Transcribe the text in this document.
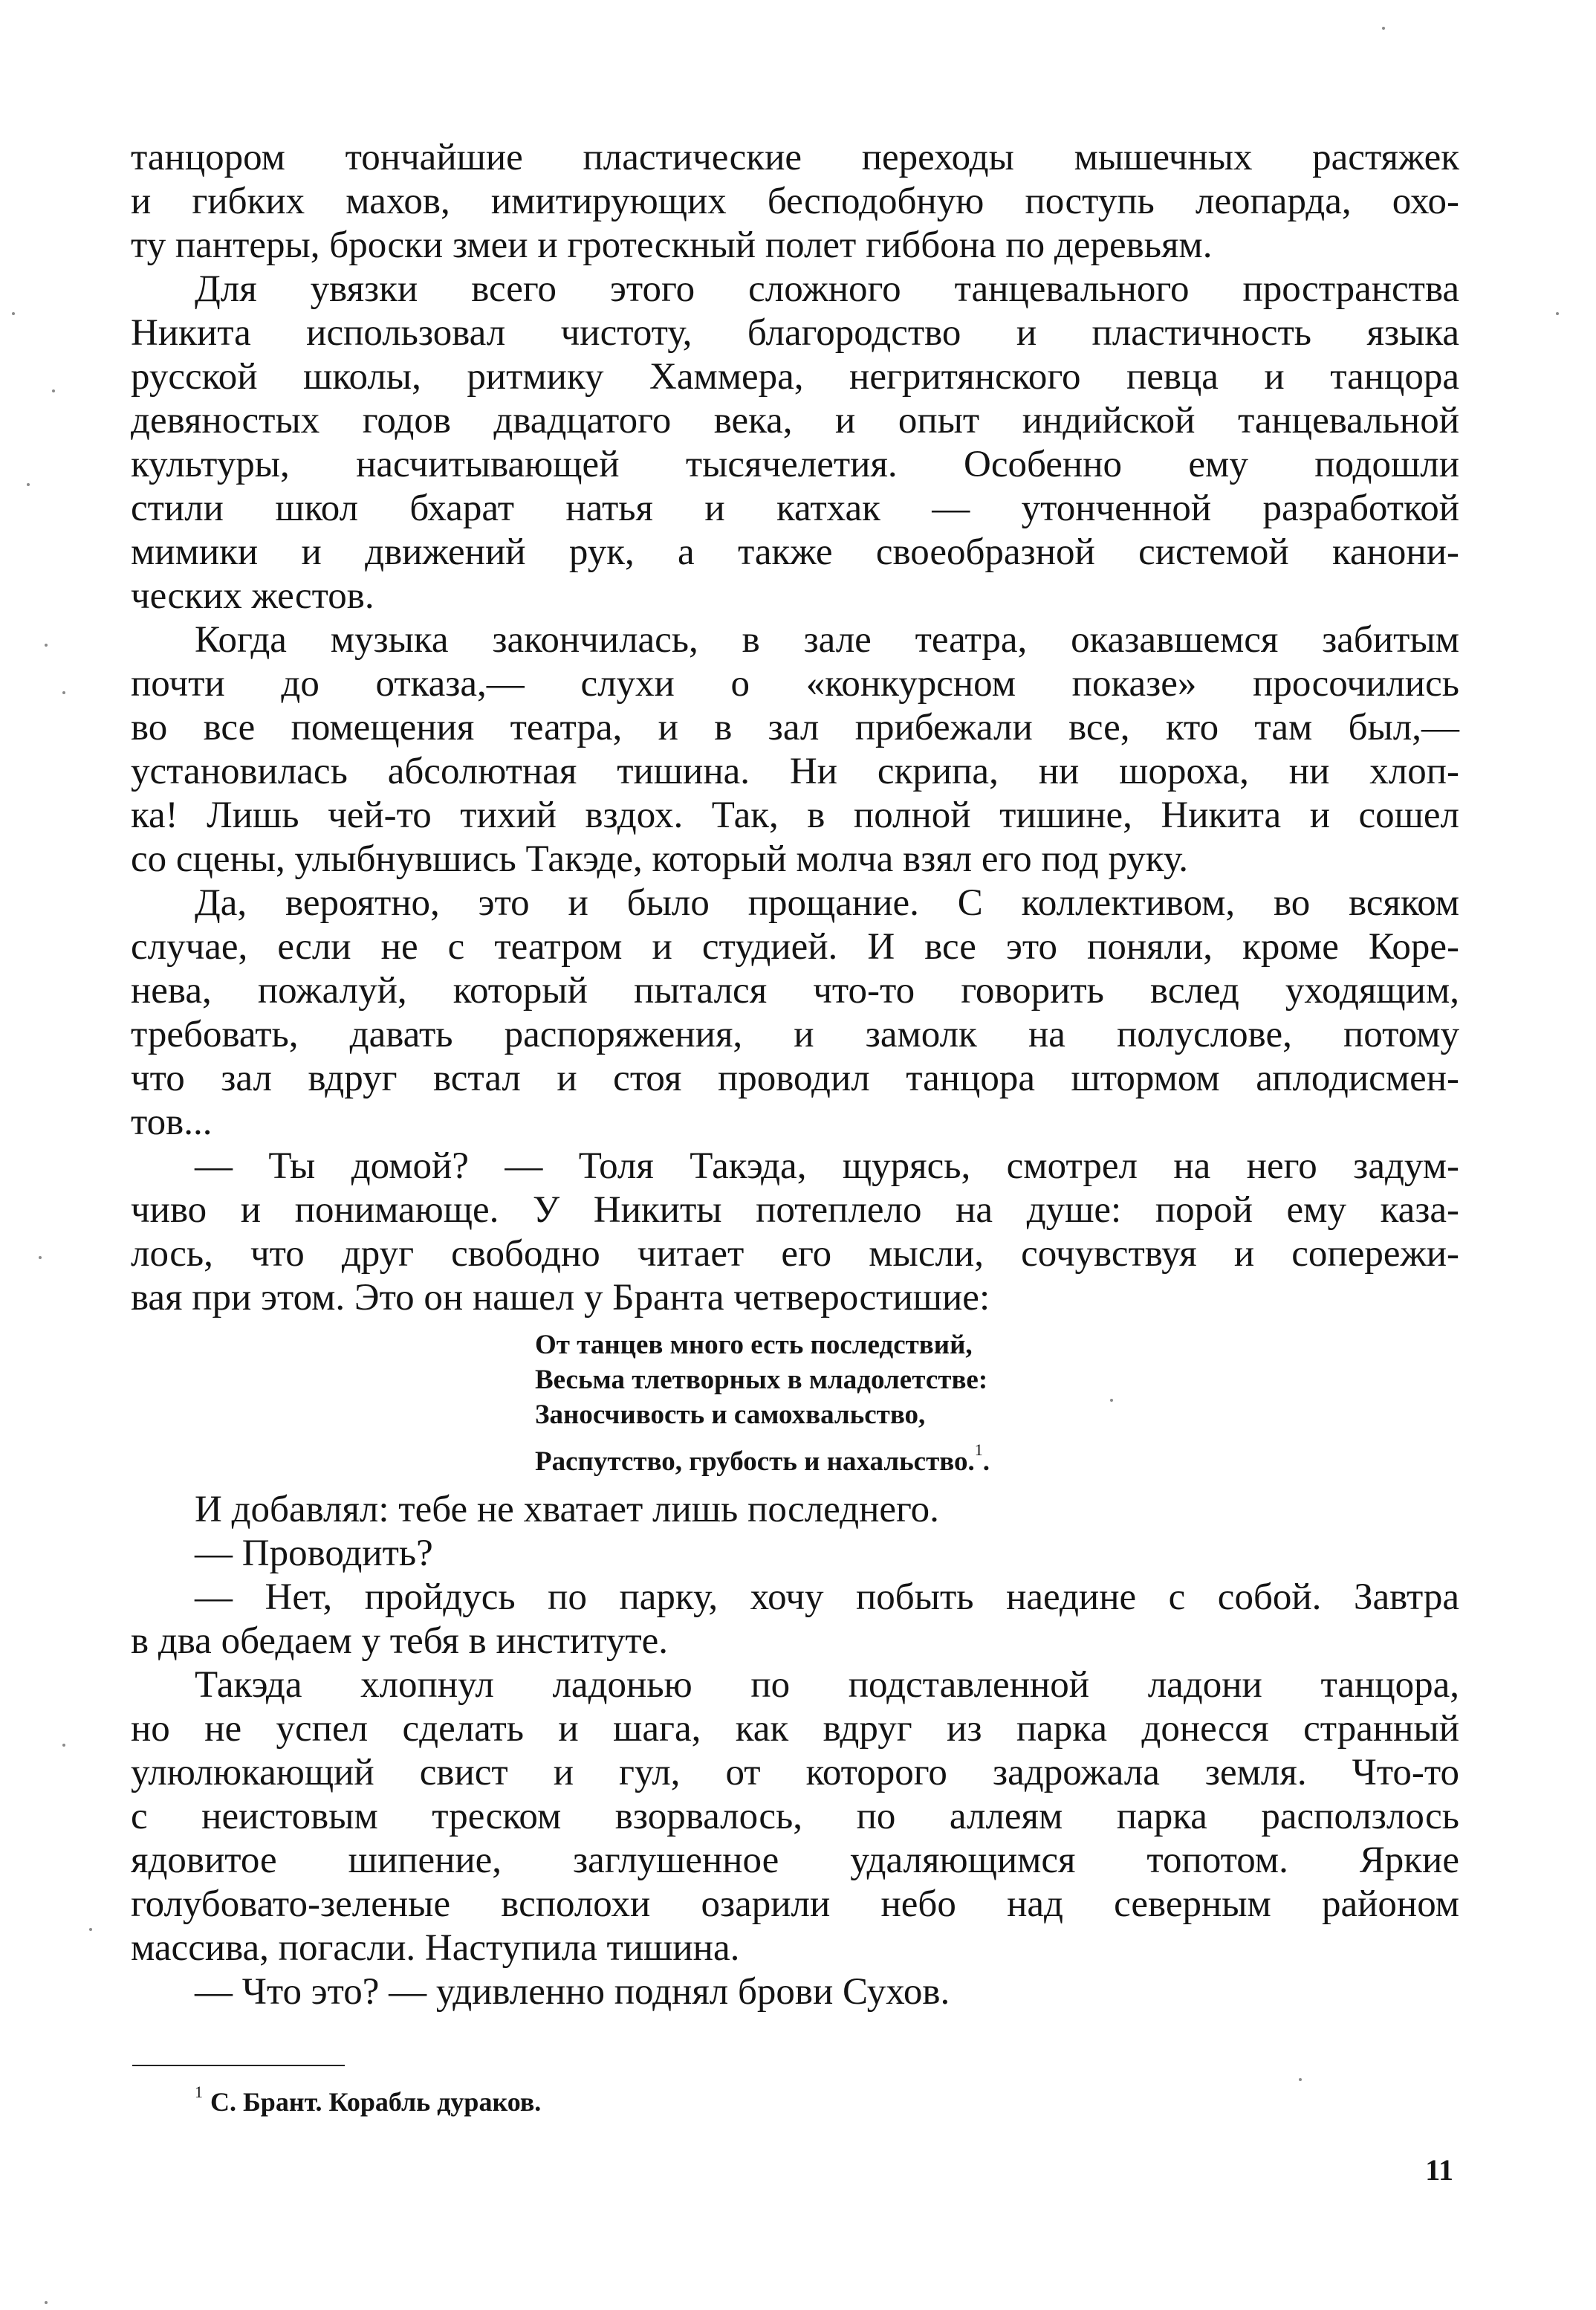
танцором тончайшие пластические переходы мышечных растяжек
и гибких махов, имитирующих бесподобную поступь леопарда, охо-
ту пантеры, броски змеи и гротескный полет гиббона по деревьям.
Для увязки всего этого сложного танцевального пространства
Никита использовал чистоту, благородство и пластичность языка
русской школы, ритмику Хаммера, негритянского певца и танцора
девяностых годов двадцатого века, и опыт индийской танцевальной
культуры, насчитывающей тысячелетия. Особенно ему подошли
стили школ бхарат натья и катхак — утонченной разработкой
мимики и движений рук, а также своеобразной системой канони-
ческих жестов.
Когда музыка закончилась, в зале театра, оказавшемся забитым
почти до отказа,— слухи о «конкурсном показе» просочились
во все помещения театра, и в зал прибежали все, кто там был,—
установилась абсолютная тишина. Ни скрипа, ни шороха, ни хлоп-
ка! Лишь чей-то тихий вздох. Так, в полной тишине, Никита и сошел
со сцены, улыбнувшись Такэде, который молча взял его под руку.
Да, вероятно, это и было прощание. С коллективом, во всяком
случае, если не с театром и студией. И все это поняли, кроме Коре-
нева, пожалуй, который пытался что-то говорить вслед уходящим,
требовать, давать распоряжения, и замолк на полуслове, потому
что зал вдруг встал и стоя проводил танцора штормом аплодисмен-
тов...
— Ты домой? — Толя Такэда, щурясь, смотрел на него задум-
чиво и понимающе. У Никиты потеплело на душе: порой ему каза-
лось, что друг свободно читает его мысли, сочувствуя и сопережи-
вая при этом. Это он нашел у Бранта четверостишие:
От танцев много есть последствий,
Весьма тлетворных в младолетстве:
Заносчивость и самохвальство,
Распутство, грубость и нахальство.$^1$.
И добавлял: тебе не хватает лишь последнего.
— Проводить?
— Нет, пройдусь по парку, хочу побыть наедине с собой. Завтра
в два обедаем у тебя в институте.
Такэда хлопнул ладонью по подставленной ладони танцора,
но не успел сделать и шага, как вдруг из парка донесся странный
улюлюкающий свист и гул, от которого задрожала земля. Что-то
с неистовым треском взорвалось, по аллеям парка расползлось
ядовитое шипение, заглушенное удаляющимся топотом. Яркие
голубовато-зеленые всполохи озарили небо над северным районом
массива, погасли. Наступила тишина.
— Что это? — удивленно поднял брови Сухов.
$^1$ С. Брант. Корабль дураков.
11
